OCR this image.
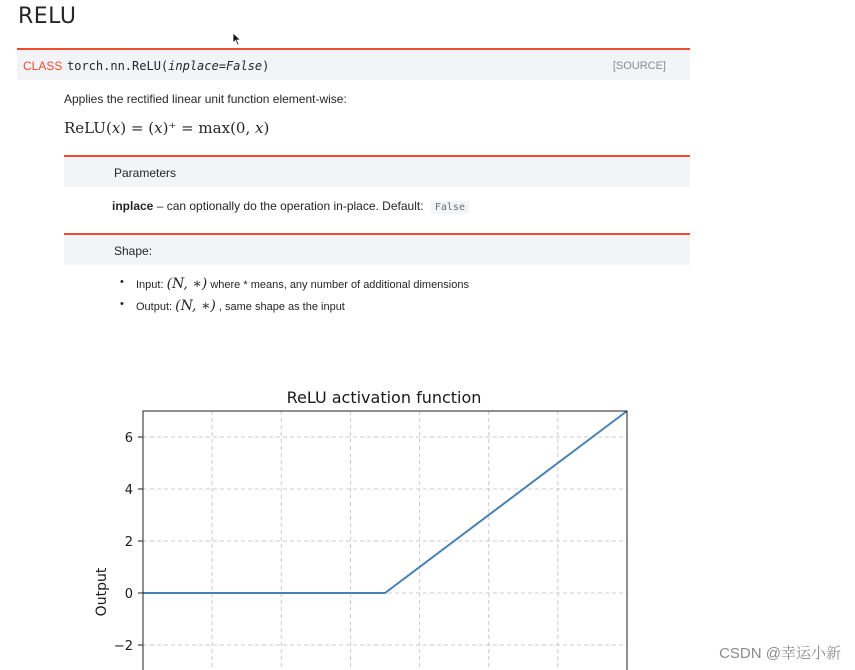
RELU
CLASS torch.nn.ReLU(inplace=False)	[SOURCE]
Applies the rectified linear unit function element-wise:
ReLU(x) = (x)⁺ = max(0, x)
Parameters
inplace – can optionally do the operation in-place. Default: False
Shape:
• Input: (N, ∗) where * means, any number of additional dimensions
• Output: (N, ∗) , same shape as the input
ReLU activation function
6
4
2
0
−2
Output
CSDN @幸运小新
